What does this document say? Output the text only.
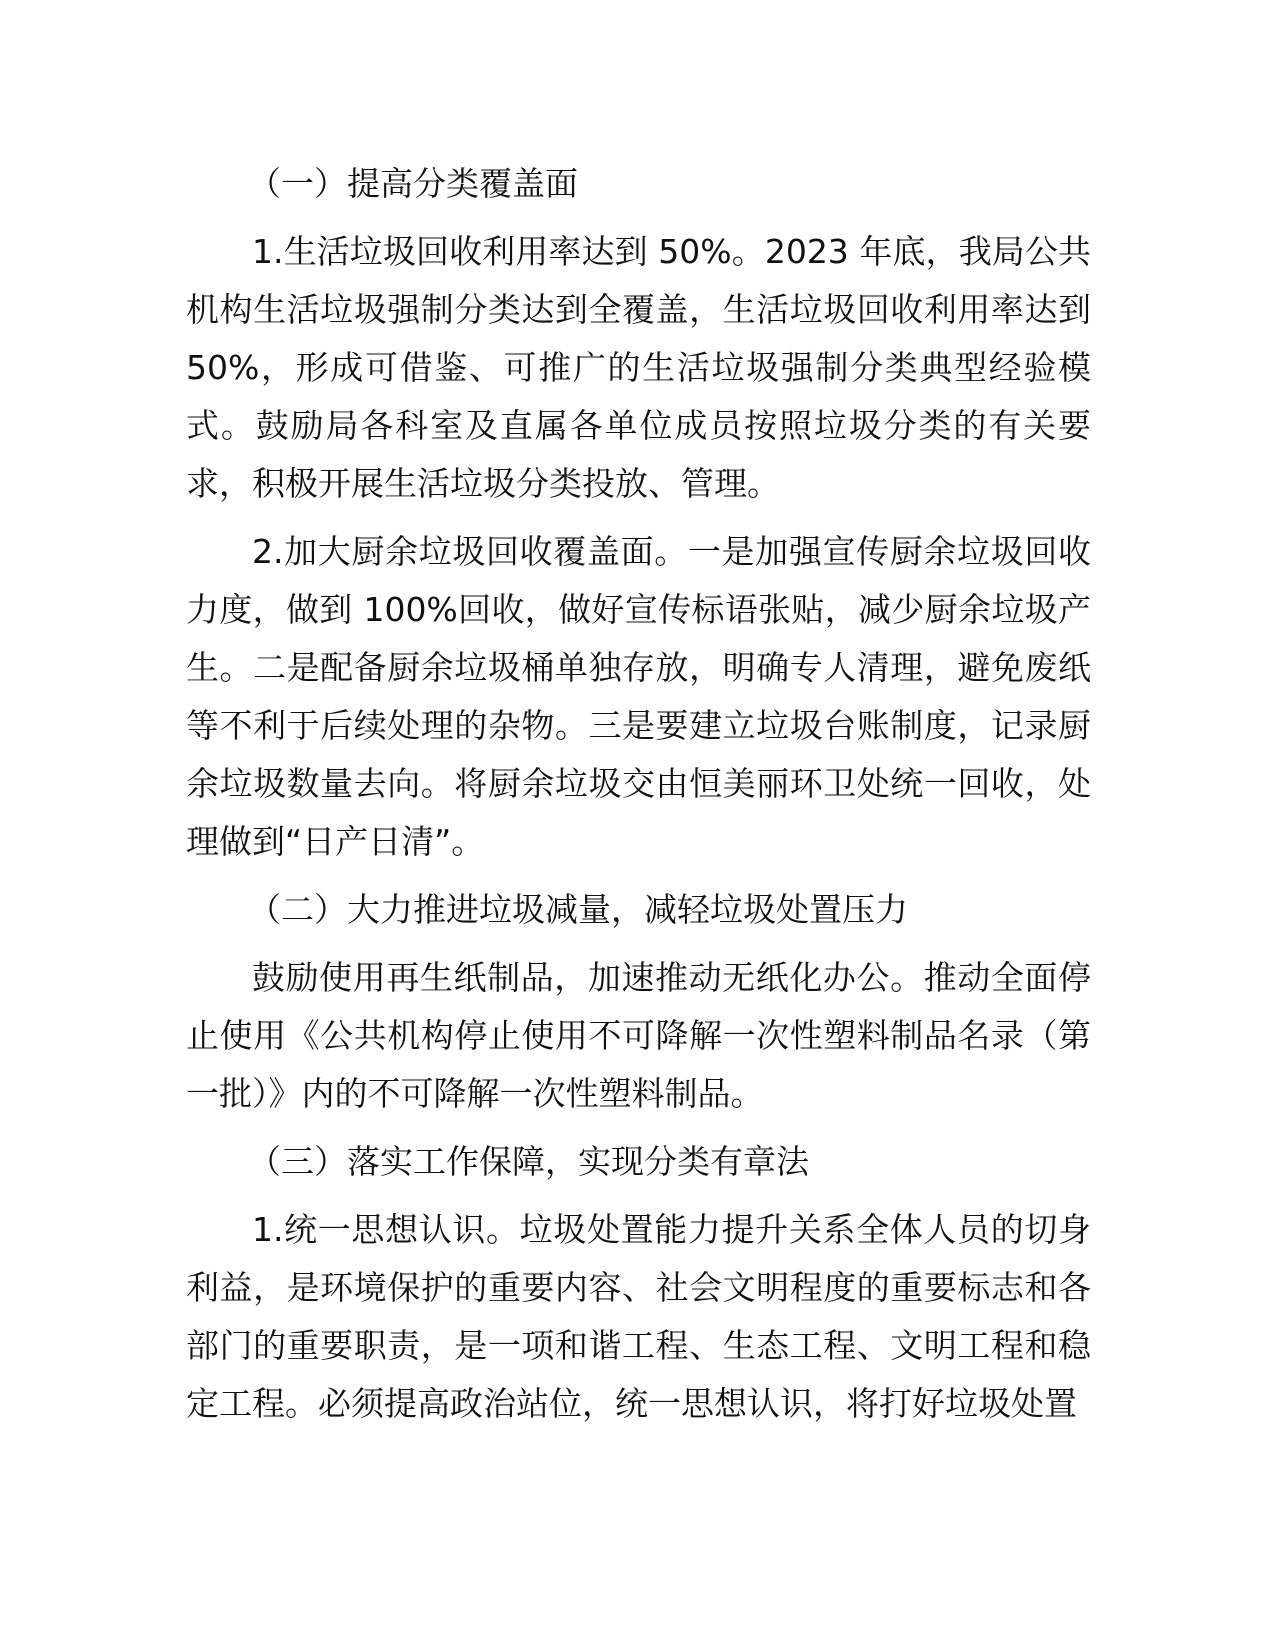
（一）提高分类覆盖面

1.生活垃圾回收利用率达到 50%。2023 年底，我局公共机构生活垃圾强制分类达到全覆盖，生活垃圾回收利用率达到 50%，形成可借鉴、可推广的生活垃圾强制分类典型经验模式。鼓励局各科室及直属各单位成员按照垃圾分类的有关要求，积极开展生活垃圾分类投放、管理。

2.加大厨余垃圾回收覆盖面。一是加强宣传厨余垃圾回收力度，做到 100%回收，做好宣传标语张贴，减少厨余垃圾产生。二是配备厨余垃圾桶单独存放，明确专人清理，避免废纸等不利于后续处理的杂物。三是要建立垃圾台账制度，记录厨余垃圾数量去向。将厨余垃圾交由恒美丽环卫处统一回收，处理做到“日产日清”。

（二）大力推进垃圾减量，减轻垃圾处置压力

鼓励使用再生纸制品，加速推动无纸化办公。推动全面停止使用《公共机构停止使用不可降解一次性塑料制品名录（第一批）》内的不可降解一次性塑料制品。

（三）落实工作保障，实现分类有章法

1.统一思想认识。垃圾处置能力提升关系全体人员的切身利益，是环境保护的重要内容、社会文明程度的重要标志和各部门的重要职责，是一项和谐工程、生态工程、文明工程和稳定工程。必须提高政治站位，统一思想认识，将打好垃圾处置
